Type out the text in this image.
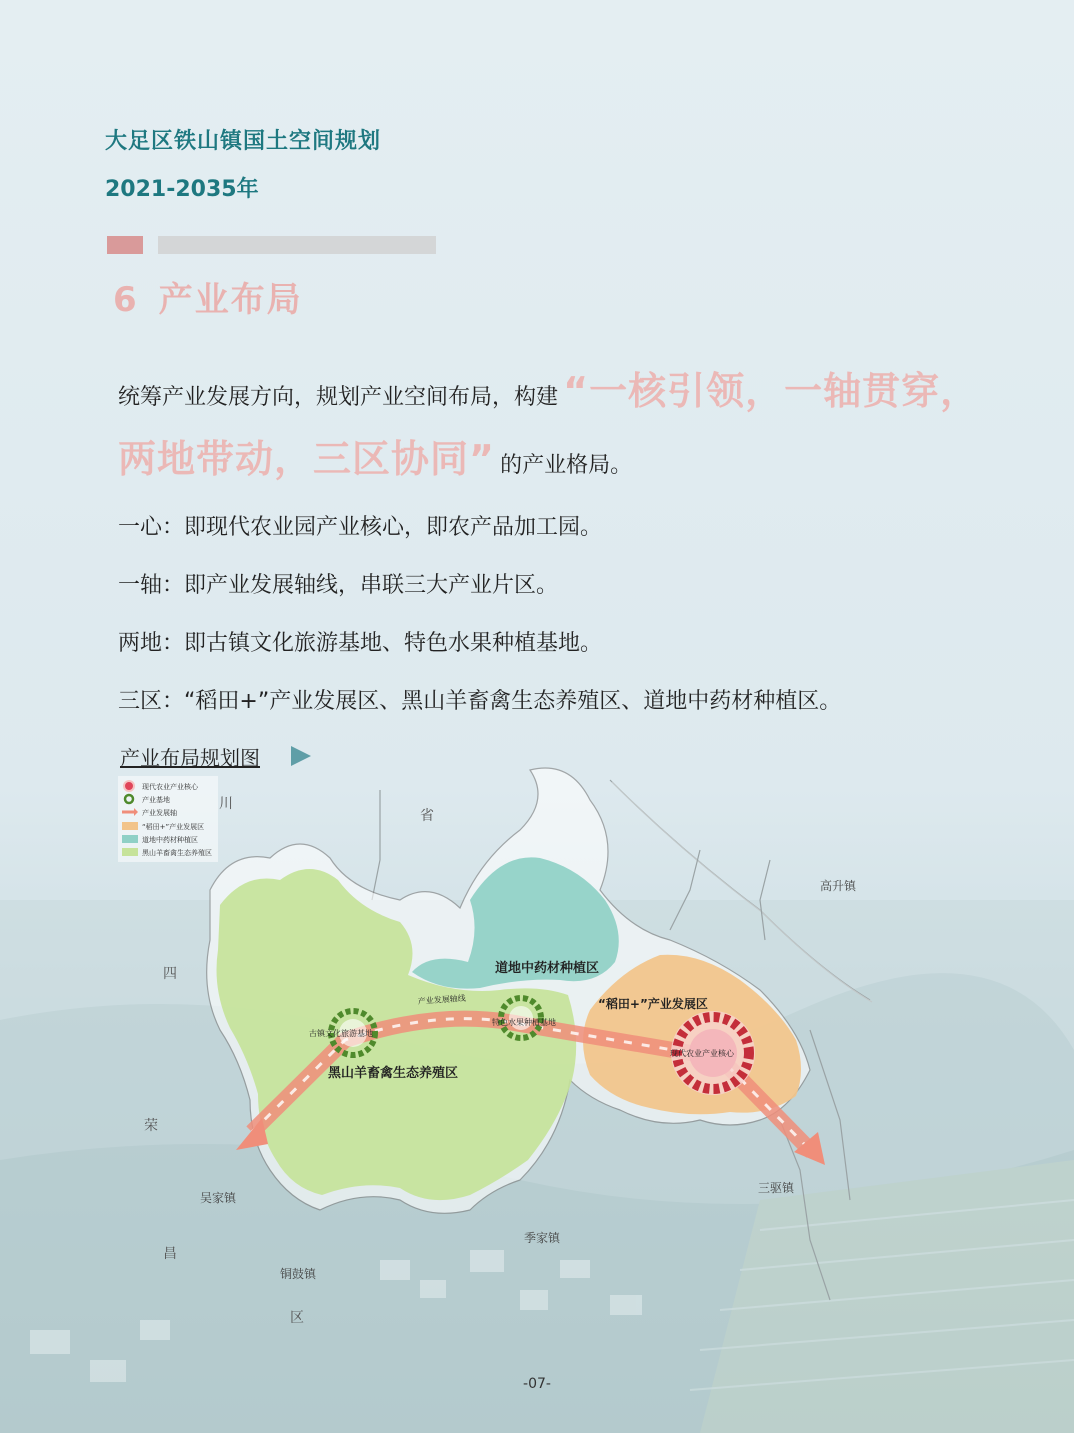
大足区铁山镇国土空间规划
2021-2035年
6 产业布局
统筹产业发展方向，规划产业空间布局，构建 “一核引领，一轴贯穿，
两地带动，三区协同” 的产业格局。
一心：即现代农业园产业核心，即农产品加工园。
一轴：即产业发展轴线，串联三大产业片区。
两地：即古镇文化旅游基地、特色水果种植基地。
三区：“稻田+”产业发展区、黑山羊畜禽生态养殖区、道地中药材种植区。
产业布局规划图
现代农业产业核心
产业基地
产业发展轴
“稻田+”产业发展区
道地中药材种植区
黑山羊畜禽生态养殖区
道地中药材种植区
“稻田+”产业发展区
黑山羊畜禽生态养殖区
产业发展轴线
古镇文化旅游基地
特色水果种植基地
现代农业产业核心
川
省
四
荣
昌
区
高升镇
三驱镇
吴家镇
季家镇
铜鼓镇
-07-
